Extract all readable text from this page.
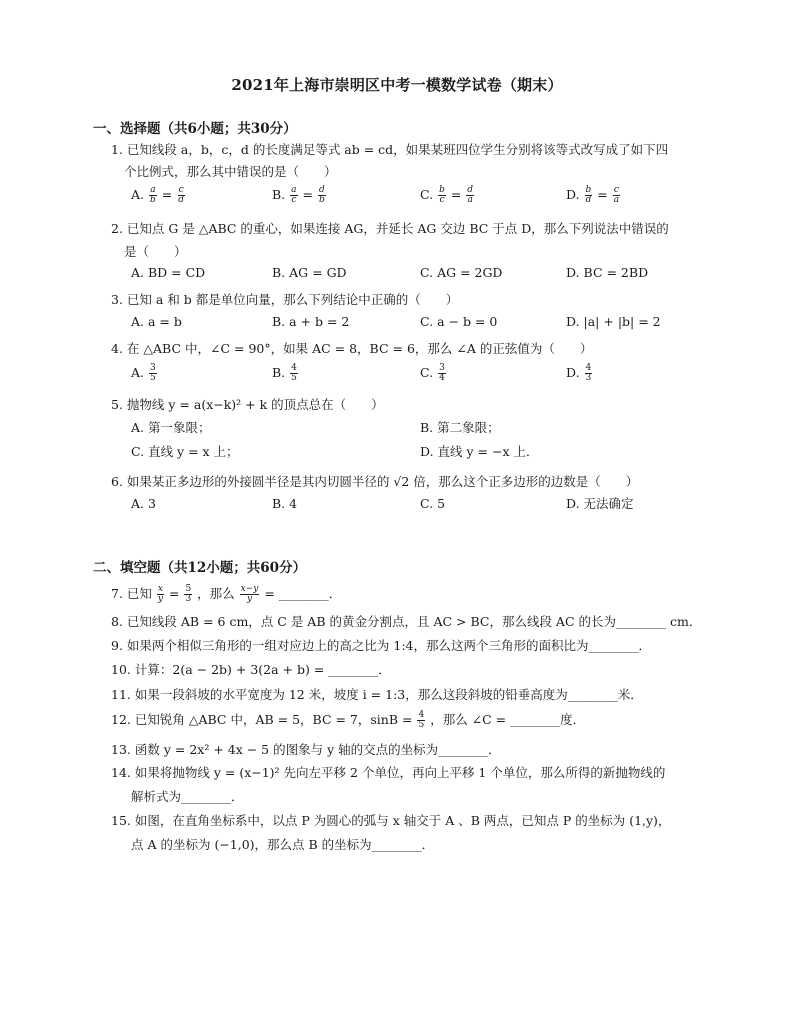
2021年上海市崇明区中考一模数学试卷（期末）
一、选择题（共6小题；共30分）
1. 已知线段 a，b，c，d 的长度满足等式 ab = cd，如果某班四位学生分别将该等式改写成了如下四
个比例式，那么其中错误的是（　　）
A. $\frac{a}{b} = \frac{c}{d}$	B. $\frac{a}{c} = \frac{d}{b}$	C. $\frac{b}{c} = \frac{d}{a}$	D. $\frac{b}{d} = \frac{c}{a}$
2. 已知点 G 是 △ABC 的重心，如果连接 AG，并延长 AG 交边 BC 于点 D，那么下列说法中错误的
是（　　）
A. BD = CD	B. AG = GD	C. AG = 2GD	D. BC = 2BD
3. 已知 a 和 b 都是单位向量，那么下列结论中正确的（　　）
A. a = b	B. a + b = 2	C. a − b = 0	D. |a| + |b| = 2
4. 在 △ABC 中，∠C = 90°，如果 AC = 8，BC = 6，那么 ∠A 的正弦值为（　　）
A. $\frac{3}{5}$	B. $\frac{4}{5}$	C. $\frac{3}{4}$	D. $\frac{4}{3}$
5. 抛物线 y = a(x−k)² + k 的顶点总在（　　）
A. 第一象限；	B. 第二象限；
C. 直线 y = x 上；	D. 直线 y = −x 上．
6. 如果某正多边形的外接圆半径是其内切圆半径的 √2 倍，那么这个正多边形的边数是（　　）
A. 3	B. 4	C. 5	D. 无法确定
二、填空题（共12小题；共60分）
7. 已知 $\frac{x}{y} = \frac{5}{3}$ ，那么 $\frac{x-y}{y}$ = ________．
8. 已知线段 AB = 6 cm，点 C 是 AB 的黄金分割点，且 AC > BC，那么线段 AC 的长为________ cm．
9. 如果两个相似三角形的一组对应边上的高之比为 1:4，那么这两个三角形的面积比为________．
10. 计算：2(a − 2b) + 3(2a + b) = ________．
11. 如果一段斜坡的水平宽度为 12 米，坡度 i = 1:3，那么这段斜坡的铅垂高度为________米．
12. 已知锐角 △ABC 中，AB = 5，BC = 7，$\sin B = \frac{4}{5}$ ，那么 ∠C = ________度．
13. 函数 y = 2x² + 4x − 5 的图象与 y 轴的交点的坐标为________．
14. 如果将抛物线 y = (x−1)² 先向左平移 2 个单位，再向上平移 1 个单位，那么所得的新抛物线的
解析式为________．
15. 如图，在直角坐标系中，以点 P 为圆心的弧与 x 轴交于 A 、B 两点，已知点 P 的坐标为 (1,y)，
点 A 的坐标为 (−1,0)，那么点 B 的坐标为________．
